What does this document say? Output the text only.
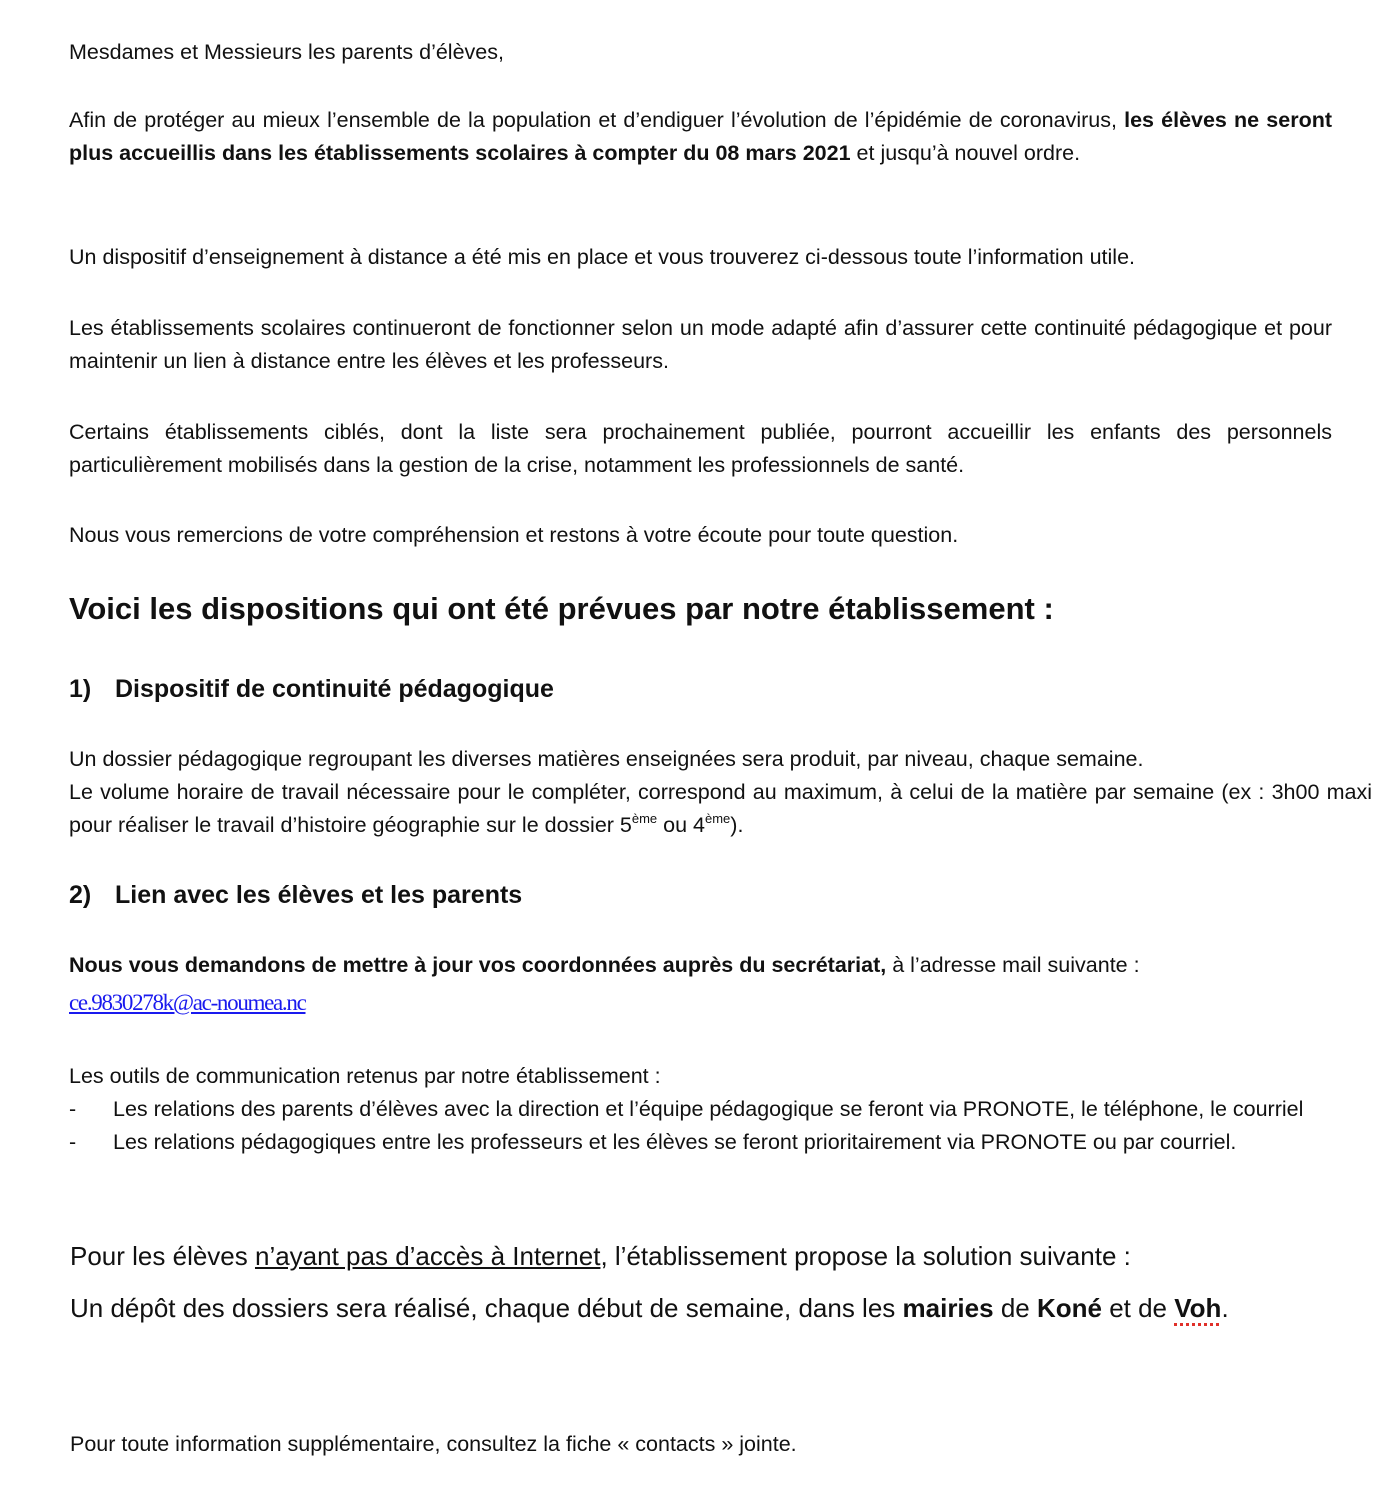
Mesdames et Messieurs les parents d’élèves,

Afin de protéger au mieux l’ensemble de la population et d’endiguer l’évolution de l’épidémie de coronavirus, les élèves ne seront plus accueillis dans les établissements scolaires à compter du 08 mars 2021 et jusqu’à nouvel ordre.

Un dispositif d’enseignement à distance a été mis en place et vous trouverez ci-dessous toute l’information utile.

Les établissements scolaires continueront de fonctionner selon un mode adapté afin d’assurer cette continuité pédagogique et pour maintenir un lien à distance entre les élèves et les professeurs.

Certains établissements ciblés, dont la liste sera prochainement publiée, pourront accueillir les enfants des personnels particulièrement mobilisés dans la gestion de la crise, notamment les professionnels de santé.

Nous vous remercions de votre compréhension et restons à votre écoute pour toute question.

Voici les dispositions qui ont été prévues par notre établissement :
1) Dispositif de continuité pédagogique

Un dossier pédagogique regroupant les diverses matières enseignées sera produit, par niveau, chaque semaine.

Le volume horaire de travail nécessaire pour le compléter, correspond au maximum, à celui de la matière par semaine (ex : 3h00 maxi pour réaliser le travail d’histoire géographie sur le dossier 5ème ou 4ème).

2) Lien avec les élèves et les parents

Nous vous demandons de mettre à jour vos coordonnées auprès du secrétariat, à l’adresse mail suivante :

ce.9830278k@ac-noumea.nc

Les outils de communication retenus par notre établissement :

- Les relations des parents d’élèves avec la direction et l’équipe pédagogique se feront via PRONOTE, le téléphone, le courriel
- Les relations pédagogiques entre les professeurs et les élèves se feront prioritairement via PRONOTE ou par courriel.

Pour les élèves n’ayant pas d’accès à Internet, l’établissement propose la solution suivante :

Un dépôt des dossiers sera réalisé, chaque début de semaine, dans les mairies de Koné et de Voh.

Pour toute information supplémentaire, consultez la fiche « contacts » jointe.
